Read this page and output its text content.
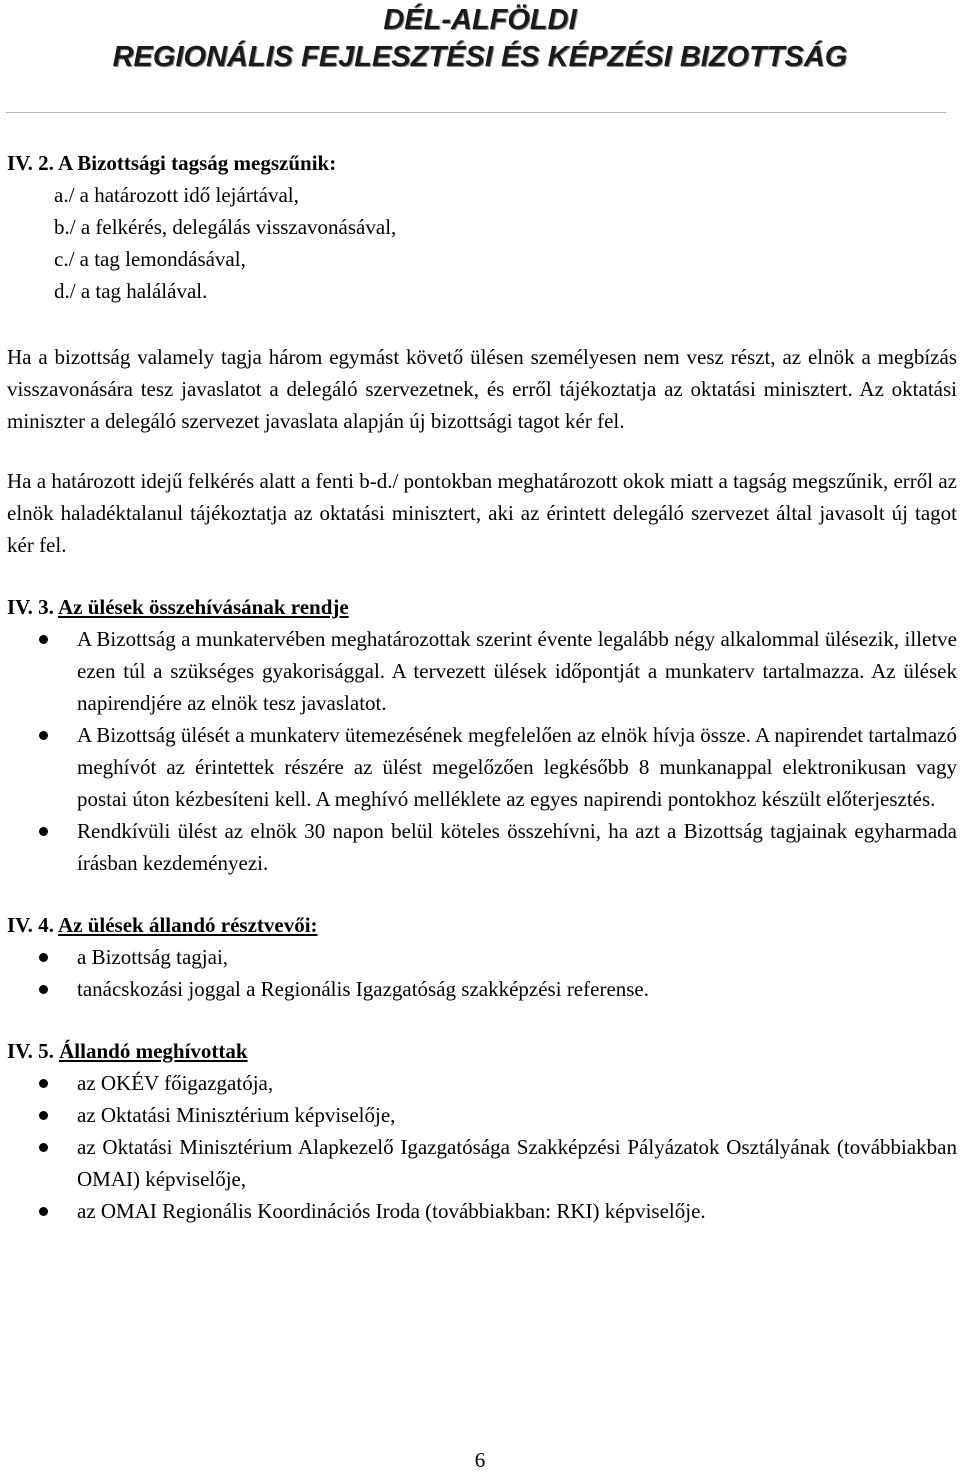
DÉL-ALFÖLDI
REGIONÁLIS FEJLESZTÉSI ÉS KÉPZÉSI BIZOTTSÁG

IV. 2. A Bizottsági tagság megszűnik:

a./ a határozott idő lejártával,

b./ a felkérés, delegálás visszavonásával,

c./ a tag lemondásával,

d./ a tag halálával.

Ha a bizottság valamely tagja három egymást követő ülésen személyesen nem vesz részt, az elnök a megbízás visszavonására tesz javaslatot a delegáló szervezetnek, és erről tájékoztatja az oktatási minisztert. Az oktatási miniszter a delegáló szervezet javaslata alapján új bizottsági tagot kér fel.

Ha a határozott idejű felkérés alatt a fenti b-d./ pontokban meghatározott okok miatt a tagság megszűnik, erről az elnök haladéktalanul tájékoztatja az oktatási minisztert, aki az érintett delegáló szervezet által javasolt új tagot kér fel.

IV. 3. Az ülések összehívásának rendje

A Bizottság a munkatervében meghatározottak szerint évente legalább négy alkalommal ülésezik, illetve ezen túl a szükséges gyakorisággal. A tervezett ülések időpontját a munkaterv tartalmazza. Az ülések napirendjére az elnök tesz javaslatot.
A Bizottság ülését a munkaterv ütemezésének megfelelően az elnök hívja össze. A napirendet tartalmazó meghívót az érintettek részére az ülést megelőzően legkésőbb 8 munkanappal elektronikusan vagy postai úton kézbesíteni kell. A meghívó melléklete az egyes napirendi pontokhoz készült előterjesztés.
Rendkívüli ülést az elnök 30 napon belül köteles összehívni, ha azt a Bizottság tagjainak egyharmada írásban kezdeményezi.

IV. 4. Az ülések állandó résztvevői:

a Bizottság tagjai,
tanácskozási joggal a Regionális Igazgatóság szakképzési referense.

IV. 5. Állandó meghívottak

az OKÉV főigazgatója,
az Oktatási Minisztérium képviselője,
az Oktatási Minisztérium Alapkezelő Igazgatósága Szakképzési Pályázatok Osztályának (továbbiakban OMAI) képviselője,
az OMAI Regionális Koordinációs Iroda (továbbiakban: RKI) képviselője.
6
